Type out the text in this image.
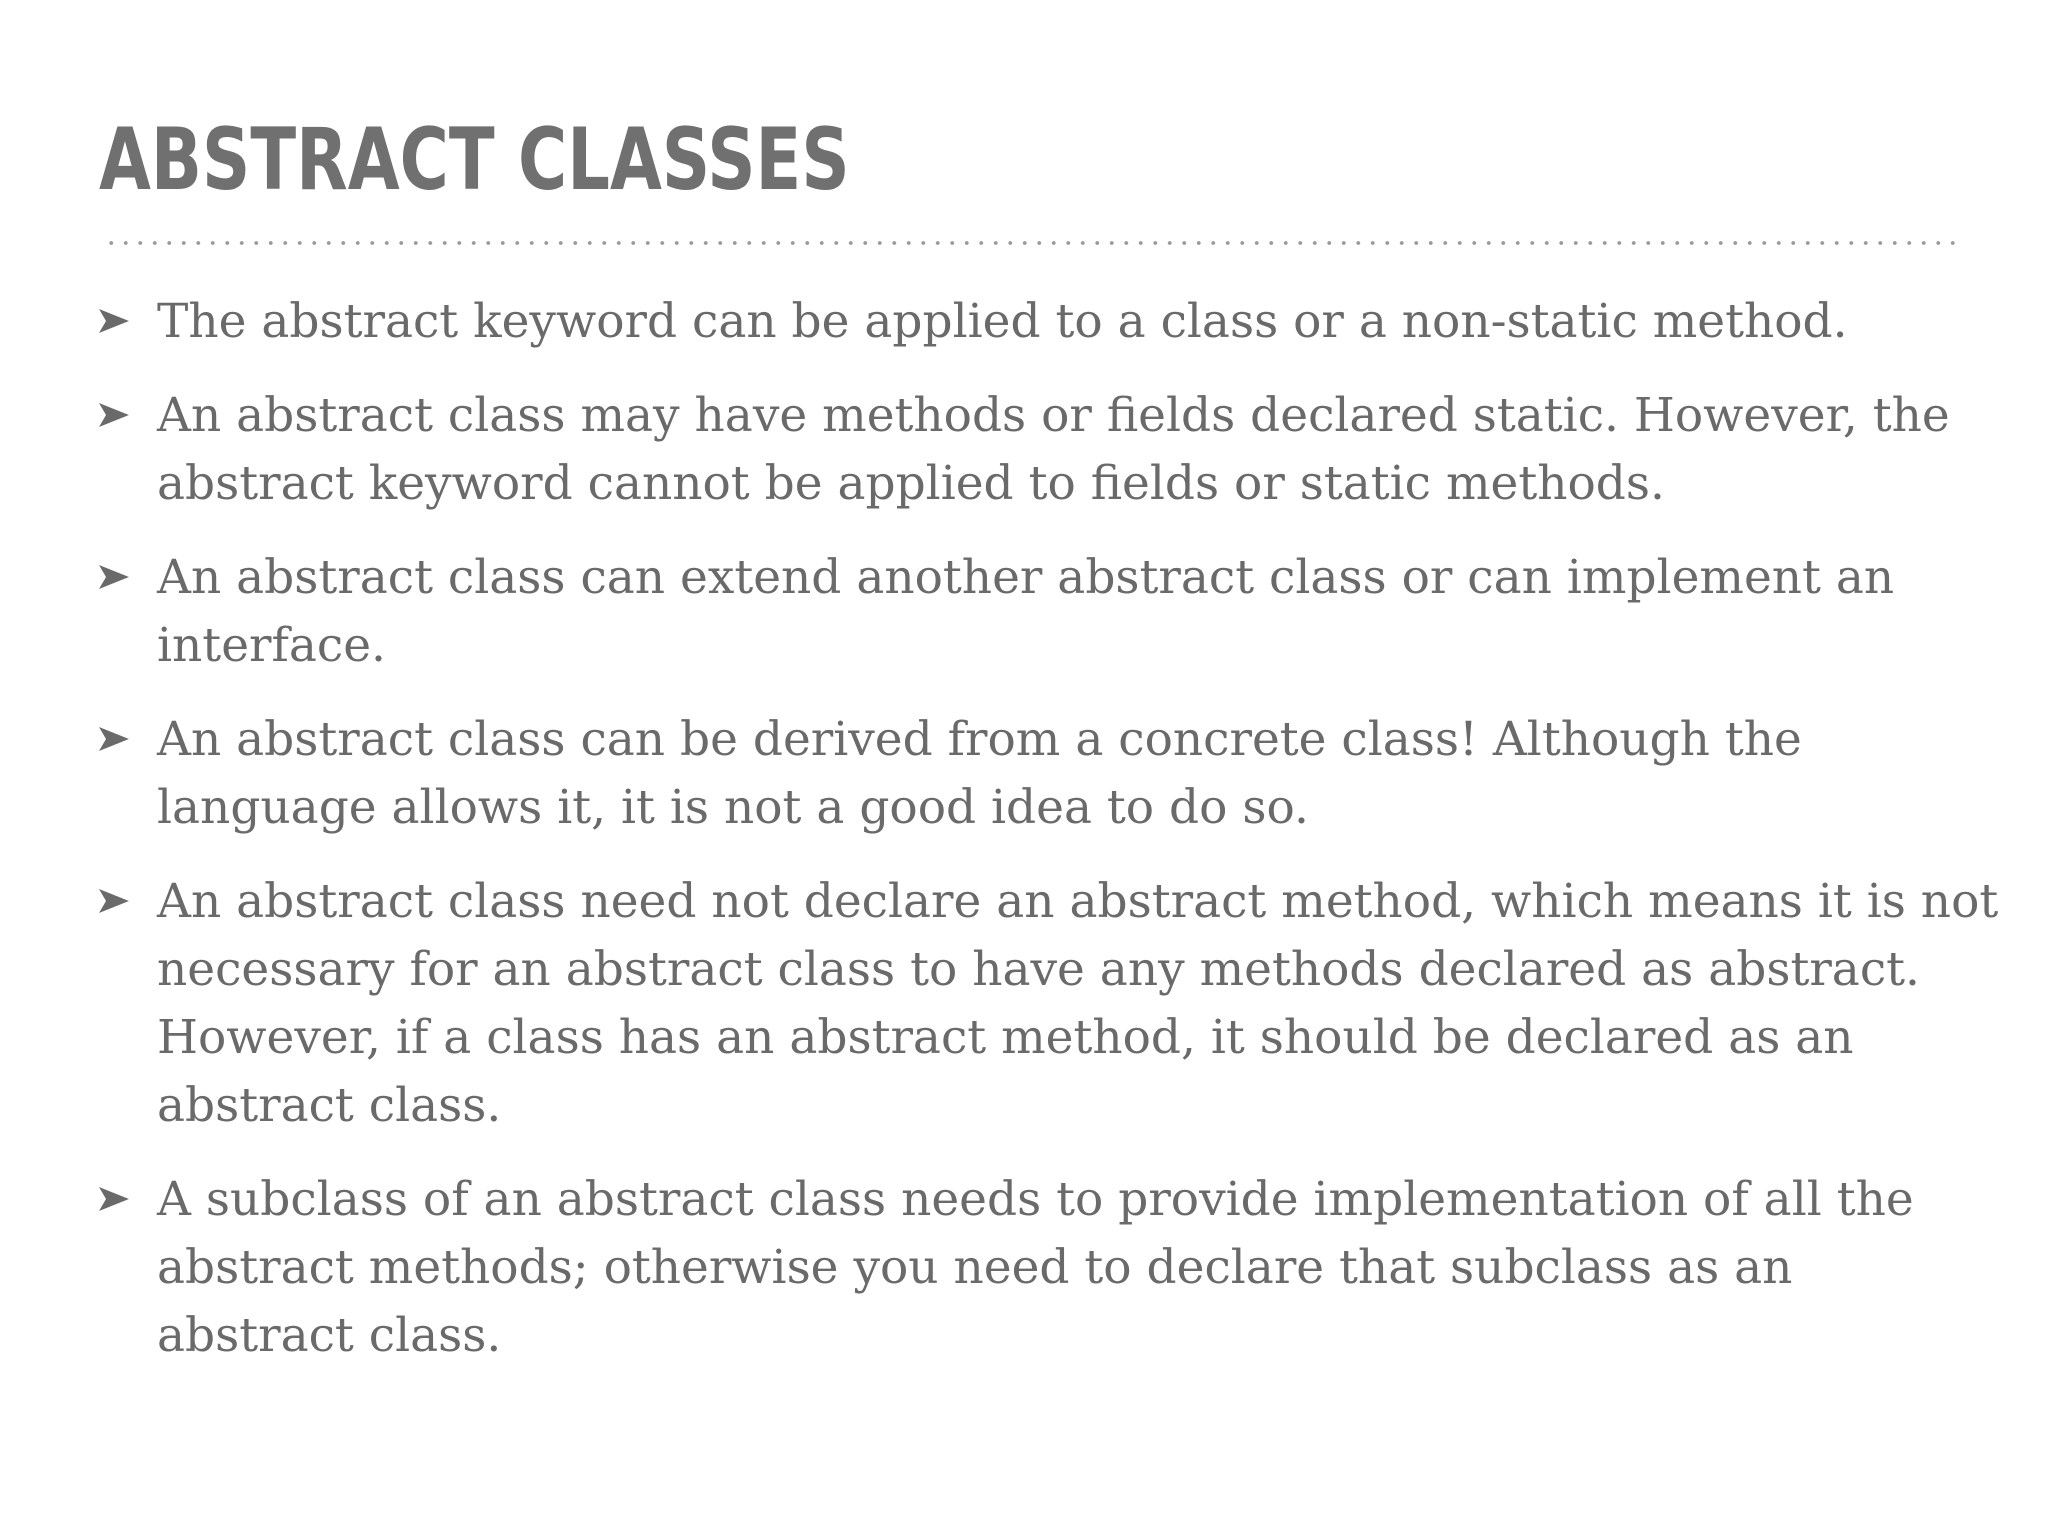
ABSTRACT CLASSES
The abstract keyword can be applied to a class or a non-static method.
An abstract class may have methods or fields declared static. However, the abstract keyword cannot be applied to fields or static methods.
An abstract class can extend another abstract class or can implement an interface.
An abstract class can be derived from a concrete class! Although the language allows it, it is not a good idea to do so.
An abstract class need not declare an abstract method, which means it is not necessary for an abstract class to have any methods declared as abstract. However, if a class has an abstract method, it should be declared as an abstract class.
A subclass of an abstract class needs to provide implementation of all the abstract methods; otherwise you need to declare that subclass as an abstract class.
